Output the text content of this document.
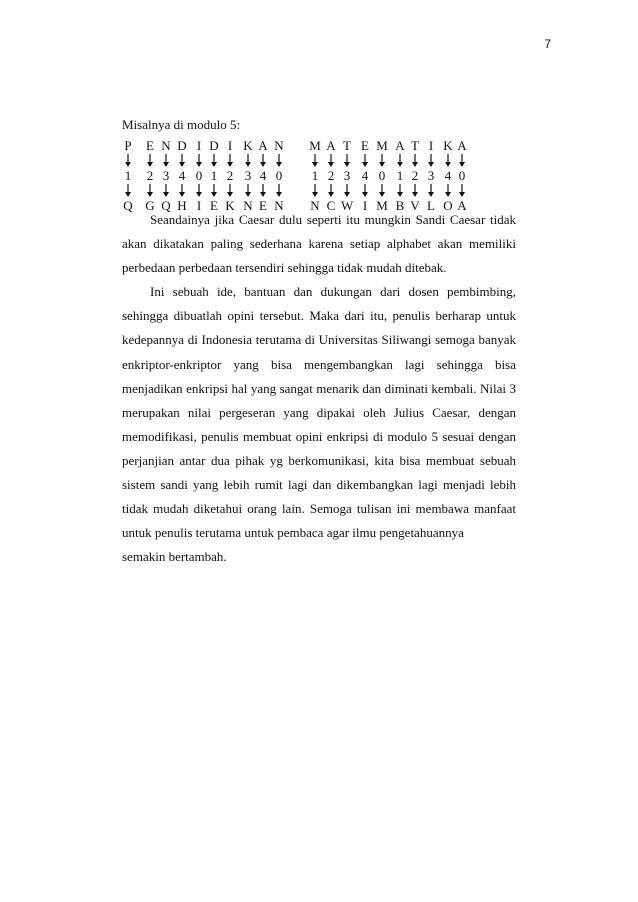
7
Misalnya di modulo 5:
P E N D I D I K A N M A T E M A T I K A
1 2 3 4 0 1 2 3 4 0 1 2 3 4 0 1 2 3 4 0
Q G Q H I E K N E N N C W I M B V L O A

Seandainya jika Caesar dulu seperti itu mungkin Sandi Caesar tidak akan dikatakan paling sederhana karena setiap alphabet akan memiliki perbedaan perbedaan tersendiri sehingga tidak mudah ditebak.

Ini sebuah ide, bantuan dan dukungan dari dosen pembimbing, sehingga dibuatlah opini tersebut. Maka dari itu, penulis berharap untuk kedepannya di Indonesia terutama di Universitas Siliwangi semoga banyak enkriptor-enkriptor yang bisa mengembangkan lagi sehingga bisa menjadikan enkripsi hal yang sangat menarik dan diminati kembali. Nilai 3 merupakan nilai pergeseran yang dipakai oleh Julius Caesar, dengan memodifikasi, penulis membuat opini enkripsi di modulo 5 sesuai dengan perjanjian antar dua pihak yg berkomunikasi, kita bisa membuat sebuah sistem sandi yang lebih rumit lagi dan dikembangkan lagi menjadi lebih tidak mudah diketahui orang lain. Semoga tulisan ini membawa manfaat untuk penulis terutama untuk pembaca agar ilmu pengetahuannya

semakin bertambah.
